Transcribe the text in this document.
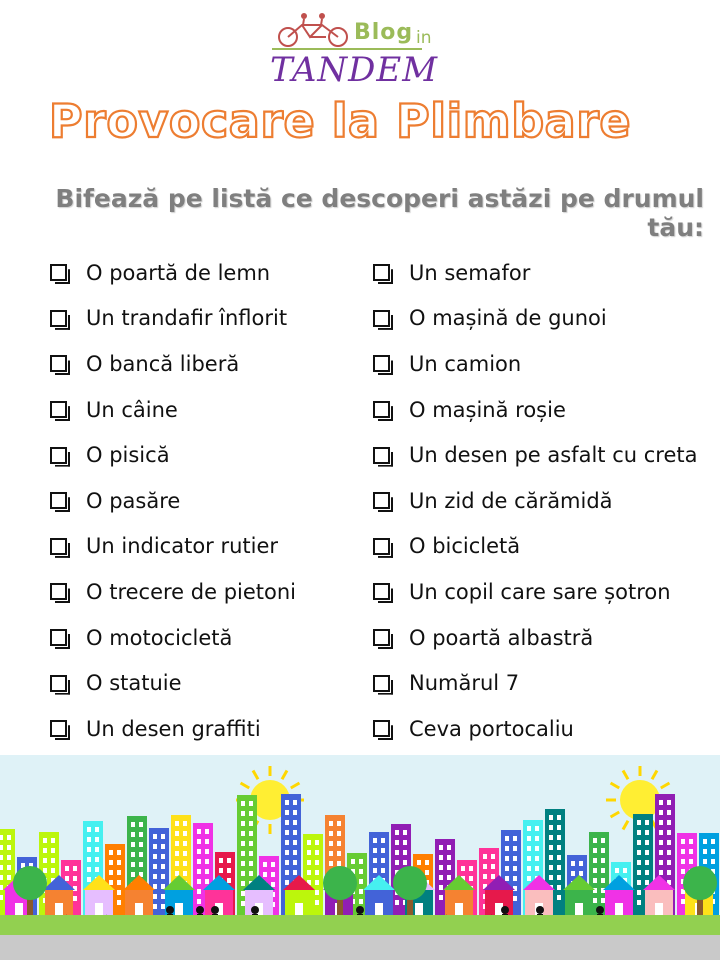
Blog in
TANDEM
Provocare la Plimbare
Bifează pe listă ce descoperi astăzi pe drumul tău:
O poartă de lemn
Un trandafir înflorit
O bancă liberă
Un câine
O pisică
O pasăre
Un indicator rutier
O trecere de pietoni
O motocicletă
O statuie
Un desen graffiti
Un semafor
O mașină de gunoi
Un camion
O mașină roșie
Un desen pe asfalt cu creta
Un zid de cărămidă
O bicicletă
Un copil care sare șotron
O poartă albastră
Numărul 7
Ceva portocaliu
